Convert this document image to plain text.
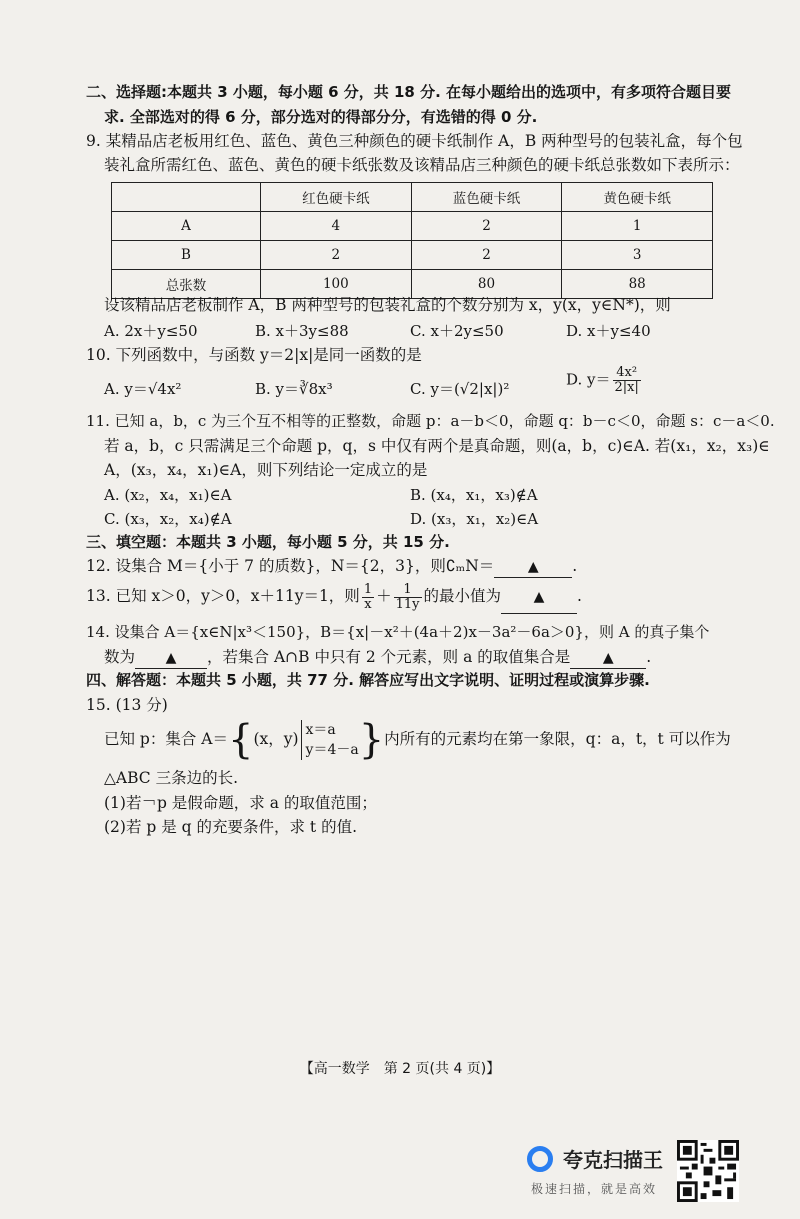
二、选择题:本题共 3 小题，每小题 6 分，共 18 分. 在每小题给出的选项中，有多项符合题目要
求. 全部选对的得 6 分，部分选对的得部分分，有选错的得 0 分.
9. 某精品店老板用红色、蓝色、黄色三种颜色的硬卡纸制作 A，B 两种型号的包装礼盒，每个包
装礼盒所需红色、蓝色、黄色的硬卡纸张数及该精品店三种颜色的硬卡纸总张数如下表所示：
	红色硬卡纸	蓝色硬卡纸	黄色硬卡纸
A	4	2	1
B	2	2	3
总张数	100	80	88
设该精品店老板制作 A，B 两种型号的包装礼盒的个数分别为 x，y(x，y∈N*)，则
A. 2x＋y≤50	B. x＋3y≤88	C. x＋2y≤50	D. x＋y≤40
10. 下列函数中，与函数 y＝2|x|是同一函数的是
A. y＝√4x²	B. y＝∛8x³	C. y＝(√2|x|)²
D. $y= \frac{\text{4x²}}{2|x|}$
11. 已知 a，b，c 为三个互不相等的正整数，命题 p：a－b＜0，命题 q：b－c＜0，命题 s：c－a＜0.
若 a，b，c 只需满足三个命题 p，q，s 中仅有两个是真命题，则(a，b，c)∈A. 若(x₁，x₂，x₃)∈
A，(x₃，x₄，x₁)∈A，则下列结论一定成立的是
A. (x₂，x₄，x₁)∈A	B. (x₄，x₁，x₃)∉A
C. (x₃，x₂，x₄)∉A	D. (x₃，x₁，x₂)∈A
三、填空题：本题共 3 小题，每小题 5 分，共 15 分.
12. 设集合 M＝{小于 7 的质数}，N＝{2，3}，则∁ₘN＝ ▲ .
13. 已知 x＞0，y＞0，x＋11y＝1，则 $\frac{1}{x} + \frac{1}{11y}$ 的最小值为 ▲ .
14. 设集合 A＝{x∈N|x³＜150}，B＝{x|－x²＋(4a＋2)x－3a²－6a＞0}，则 A 的真子集个
数为 ▲ ，若集合 A∩B 中只有 2 个元素，则 a 的取值集合是 ▲ .
四、解答题：本题共 5 小题，共 77 分. 解答应写出文字说明、证明过程或演算步骤.
15. (13 分)
已知 p：集合 A＝{(x，y) x＝a
y＝4－a }内所有的元素均在第一象限，q：a，t，t 可以作为
△ABC 三条边的长.
(1)若￢p 是假命题，求 a 的取值范围；
(2)若 p 是 q 的充要条件，求 t 的值.
【高一数学　第 2 页(共 4 页)】
夸克扫描王
极速扫描，就是高效
